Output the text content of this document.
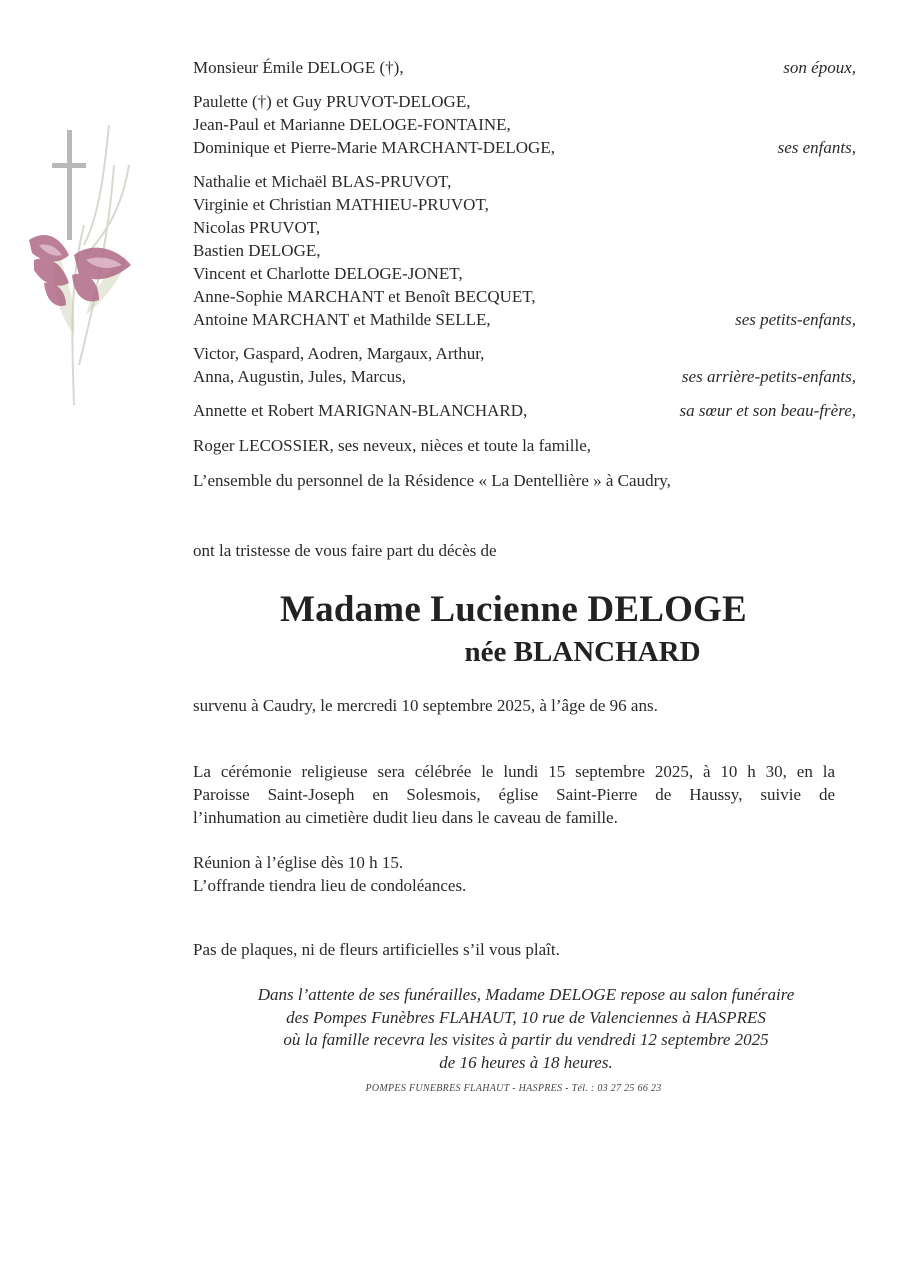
Monsieur Émile DELOGE (†),	son époux,
Paulette (†) et Guy PRUVOT-DELOGE,
Jean-Paul et Marianne DELOGE-FONTAINE,
Dominique et Pierre-Marie MARCHANT-DELOGE,	ses enfants,
Nathalie et Michaël BLAS-PRUVOT,
Virginie et Christian MATHIEU-PRUVOT,
Nicolas PRUVOT,
Bastien DELOGE,
Vincent et Charlotte DELOGE-JONET,
Anne-Sophie MARCHANT et Benoît BECQUET,
Antoine MARCHANT et Mathilde SELLE,	ses petits-enfants,
Victor, Gaspard, Aodren, Margaux, Arthur,
Anna, Augustin, Jules, Marcus,	ses arrière-petits-enfants,
Annette et Robert MARIGNAN-BLANCHARD,	sa sœur et son beau-frère,
Roger LECOSSIER, ses neveux, nièces et toute la famille,
L’ensemble du personnel de la Résidence « La Dentellière » à Caudry,
ont la tristesse de vous faire part du décès de
Madame Lucienne DELOGE
née BLANCHARD
survenu à Caudry, le mercredi 10 septembre 2025, à l’âge de 96 ans.
La cérémonie religieuse sera célébrée le lundi 15 septembre 2025, à 10 h 30, en la
Paroisse Saint-Joseph en Solesmois, église Saint-Pierre de Haussy, suivie de
l’inhumation au cimetière dudit lieu dans le caveau de famille.
Réunion à l’église dès 10 h 15.
L’offrande tiendra lieu de condoléances.
Pas de plaques, ni de fleurs artificielles s’il vous plaît.
Dans l’attente de ses funérailles, Madame DELOGE repose au salon funéraire
des Pompes Funèbres FLAHAUT, 10 rue de Valenciennes à HASPRES
où la famille recevra les visites à partir du vendredi 12 septembre 2025
de 16 heures à 18 heures.
POMPES FUNEBRES FLAHAUT - HASPRES - Tél. : 03 27 25 66 23
